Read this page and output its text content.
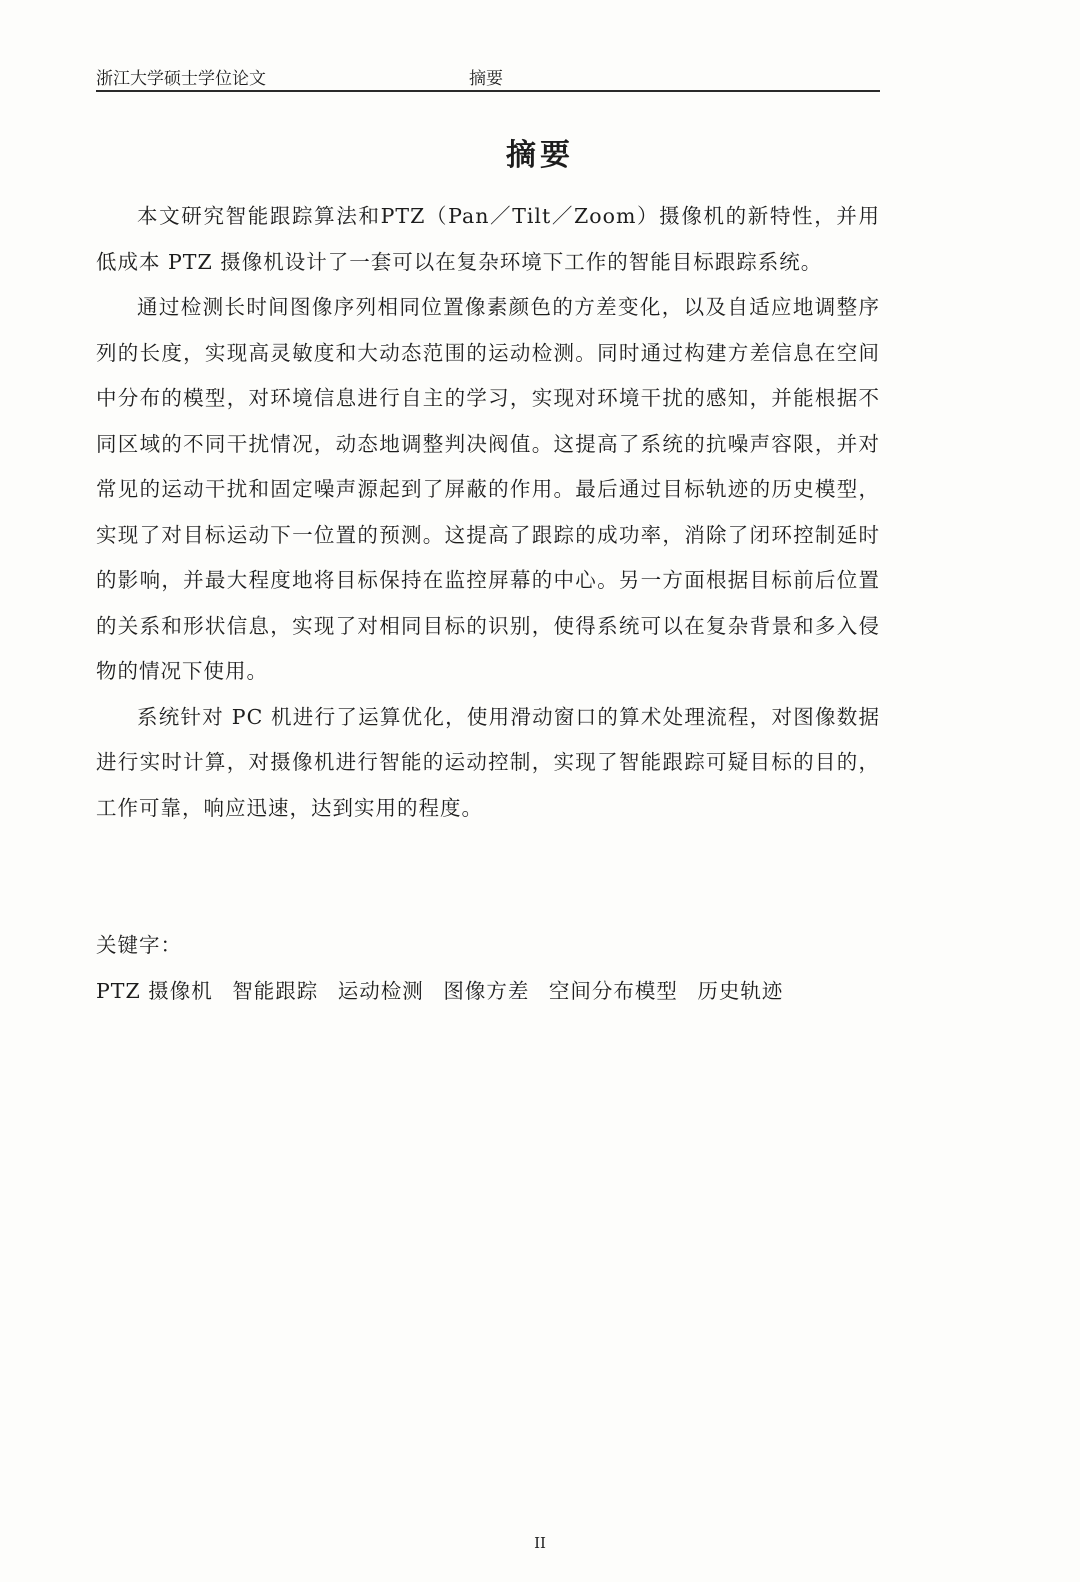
浙江大学硕士学位论文	摘要
摘要

本文研究智能跟踪算法和PTZ（Pan／Tilt／Zoom）摄像机的新特性，并用低成本 PTZ 摄像机设计了一套可以在复杂环境下工作的智能目标跟踪系统。

通过检测长时间图像序列相同位置像素颜色的方差变化，以及自适应地调整序列的长度，实现高灵敏度和大动态范围的运动检测。同时通过构建方差信息在空间中分布的模型，对环境信息进行自主的学习，实现对环境干扰的感知，并能根据不同区域的不同干扰情况，动态地调整判决阀值。这提高了系统的抗噪声容限，并对常见的运动干扰和固定噪声源起到了屏蔽的作用。最后通过目标轨迹的历史模型，实现了对目标运动下一位置的预测。这提高了跟踪的成功率，消除了闭环控制延时的影响，并最大程度地将目标保持在监控屏幕的中心。另一方面根据目标前后位置的关系和形状信息，实现了对相同目标的识别，使得系统可以在复杂背景和多入侵物的情况下使用。

系统针对 PC 机进行了运算优化，使用滑动窗口的算术处理流程，对图像数据进行实时计算，对摄像机进行智能的运动控制，实现了智能跟踪可疑目标的目的，工作可靠，响应迅速，达到实用的程度。

关键字：
PTZ 摄像机 智能跟踪 运动检测 图像方差 空间分布模型 历史轨迹
II
